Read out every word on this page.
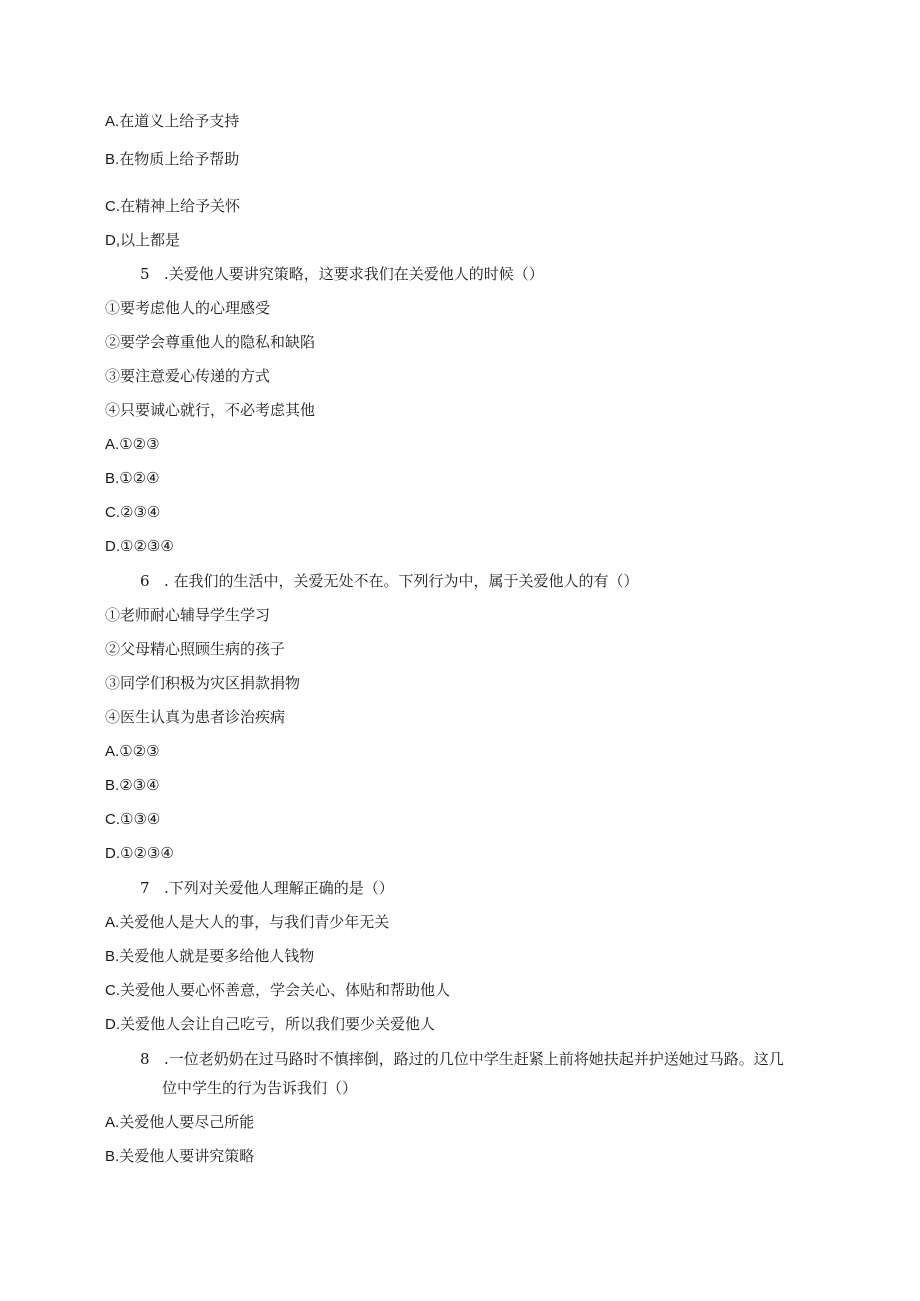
A.在道义上给予支持
B.在物质上给予帮助
C.在精神上给予关怀
D,以上都是
5 .关爱他人要讲究策略，这要求我们在关爱他人的时候（）
①要考虑他人的心理感受
②要学会尊重他人的隐私和缺陷
③要注意爱心传递的方式
④只要诚心就行，不必考虑其他
A.①②③
B.①②④
C.②③④
D.①②③④
6 . 在我们的生活中，关爱无处不在。下列行为中，属于关爱他人的有（）
①老师耐心辅导学生学习
②父母精心照顾生病的孩子
③同学们积极为灾区捐款捐物
④医生认真为患者诊治疾病
A.①②③
B.②③④
C.①③④
D.①②③④
7 .下列对关爱他人理解正确的是（）
A.关爱他人是大人的事，与我们青少年无关
B.关爱他人就是要多给他人钱物
C.关爱他人要心怀善意，学会关心、体贴和帮助他人
D.关爱他人会让自己吃亏，所以我们要少关爱他人
8 .一位老奶奶在过马路时不慎摔倒，路过的几位中学生赶紧上前将她扶起并护送她过马路。这几
位中学生的行为告诉我们（）
A.关爱他人要尽己所能
B.关爱他人要讲究策略
